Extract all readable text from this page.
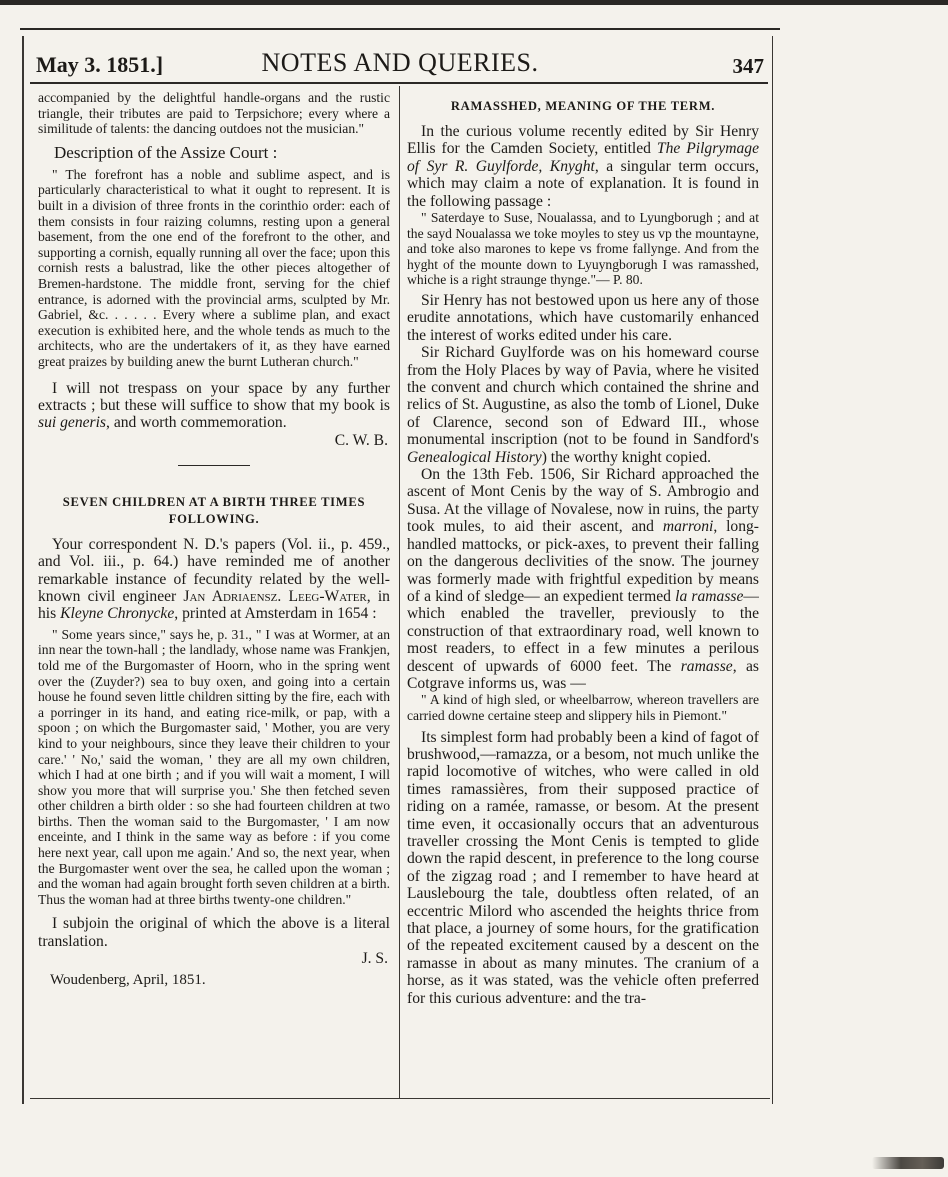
May 3. 1851.]	NOTES AND QUERIES.	347

accompanied by the delightful handle-organs and the rustic triangle, their tributes are paid to Terpsichore; every where a similitude of talents: the dancing outdoes not the musician."

Description of the Assize Court :

" The forefront has a noble and sublime aspect, and is particularly characteristical to what it ought to represent. It is built in a division of three fronts in the corinthio order: each of them consists in four raizing columns, resting upon a general basement, from the one end of the forefront to the other, and supporting a cornish, equally running all over the face; upon this cornish rests a balustrad, like the other pieces altogether of Bremen-hardstone. The middle front, serving for the chief entrance, is adorned with the provincial arms, sculpted by Mr. Gabriel, &c. . . . . . Every where a sublime plan, and exact execution is exhibited here, and the whole tends as much to the architects, who are the undertakers of it, as they have earned great praizes by building anew the burnt Lutheran church."

I will not trespass on your space by any further extracts ; but these will suffice to show that my book is sui generis, and worth commemoration.

C. W. B.
SEVEN CHILDREN AT A BIRTH THREE TIMES FOLLOWING.

Your correspondent N. D.'s papers (Vol. ii., p. 459., and Vol. iii., p. 64.) have reminded me of another remarkable instance of fecundity related by the well-known civil engineer Jan Adriaensz. Leeg-Water, in his Kleyne Chronycke, printed at Amsterdam in 1654 :

" Some years since," says he, p. 31., " I was at Wormer, at an inn near the town-hall ; the landlady, whose name was Frankjen, told me of the Burgomaster of Hoorn, who in the spring went over the (Zuyder?) sea to buy oxen, and going into a certain house he found seven little children sitting by the fire, each with a porringer in its hand, and eating rice-milk, or pap, with a spoon ; on which the Burgomaster said, ' Mother, you are very kind to your neighbours, since they leave their children to your care.' ' No,' said the woman, ' they are all my own children, which I had at one birth ; and if you will wait a moment, I will show you more that will surprise you.' She then fetched seven other children a birth older : so she had fourteen children at two births. Then the woman said to the Burgomaster, ' I am now enceinte, and I think in the same way as before : if you come here next year, call upon me again.' And so, the next year, when the Burgomaster went over the sea, he called upon the woman ; and the woman had again brought forth seven children at a birth. Thus the woman had at three births twenty-one children."

I subjoin the original of which the above is a literal translation.

J. S.

Woudenberg, April, 1851.

RAMASSHED, MEANING OF THE TERM.

In the curious volume recently edited by Sir Henry Ellis for the Camden Society, entitled The Pilgrymage of Syr R. Guylforde, Knyght, a singular term occurs, which may claim a note of explanation. It is found in the following passage :

" Saterdaye to Suse, Noualassa, and to Lyungborugh ; and at the sayd Noualassa we toke moyles to stey us vp the mountayne, and toke also marones to kepe vs frome fallynge. And from the hyght of the mounte down to Lyuyngborugh I was ramasshed, whiche is a right straunge thynge."— P. 80.

Sir Henry has not bestowed upon us here any of those erudite annotations, which have customarily enhanced the interest of works edited under his care.

Sir Richard Guylforde was on his homeward course from the Holy Places by way of Pavia, where he visited the convent and church which contained the shrine and relics of St. Augustine, as also the tomb of Lionel, Duke of Clarence, second son of Edward III., whose monumental inscription (not to be found in Sandford's Genealogical History) the worthy knight copied.

On the 13th Feb. 1506, Sir Richard approached the ascent of Mont Cenis by the way of S. Ambrogio and Susa. At the village of Novalese, now in ruins, the party took mules, to aid their ascent, and marroni, long-handled mattocks, or pick-axes, to prevent their falling on the dangerous declivities of the snow. The journey was formerly made with frightful expedition by means of a kind of sledge— an expedient termed la ramasse— which enabled the traveller, previously to the construction of that extraordinary road, well known to most readers, to effect in a few minutes a perilous descent of upwards of 6000 feet. The ramasse, as Cotgrave informs us, was —

" A kind of high sled, or wheelbarrow, whereon travellers are carried downe certaine steep and slippery hils in Piemont."

Its simplest form had probably been a kind of fagot of brushwood,—ramazza, or a besom, not much unlike the rapid locomotive of witches, who were called in old times ramassières, from their supposed practice of riding on a ramée, ramasse, or besom. At the present time even, it occasionally occurs that an adventurous traveller crossing the Mont Cenis is tempted to glide down the rapid descent, in preference to the long course of the zigzag road ; and I remember to have heard at Lauslebourg the tale, doubtless often related, of an eccentric Milord who ascended the heights thrice from that place, a journey of some hours, for the gratification of the repeated excitement caused by a descent on the ramasse in about as many minutes. The cranium of a horse, as it was stated, was the vehicle often preferred for this curious adventure: and the tra-
